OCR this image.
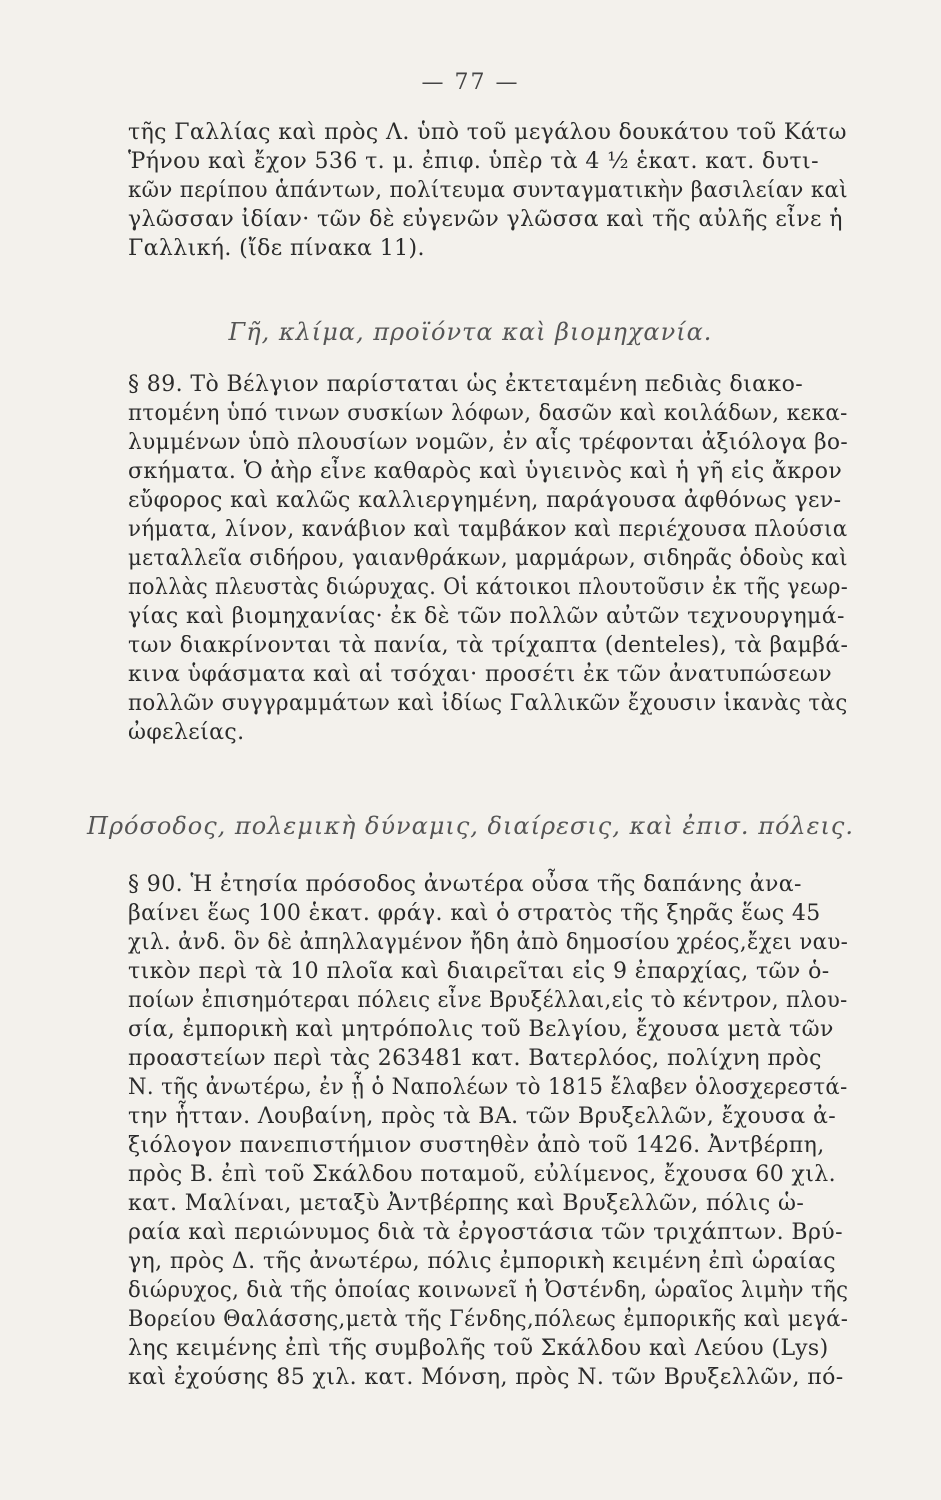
— 77 —
τῆς Γαλλίας καὶ πρὸς Λ. ὑπὸ τοῦ μεγάλου δουκάτου τοῦ Κάτω
Ῥήνου καὶ ἔχον 536 τ. μ. ἐπιφ. ὑπὲρ τὰ 4 ½ ἑκατ. κατ. δυτι-
κῶν περίπου ἁπάντων, πολίτευμα συνταγματικὴν βασιλείαν καὶ
γλῶσσαν ἰδίαν· τῶν δὲ εὐγενῶν γλῶσσα καὶ τῆς αὐλῆς εἶνε ἡ
Γαλλική. (ἴδε πίνακα 11).
Γῆ, κλίμα, προϊόντα καὶ βιομηχανία.
§ 89. Τὸ Βέλγιον παρίσταται ὡς ἐκτεταμένη πεδιὰς διακο-
πτομένη ὑπό τινων συσκίων λόφων, δασῶν καὶ κοιλάδων, κεκα-
λυμμένων ὑπὸ πλουσίων νομῶν, ἐν αἷς τρέφονται ἀξιόλογα βο-
σκήματα. Ὁ ἀὴρ εἶνε καθαρὸς καὶ ὑγιεινὸς καὶ ἡ γῆ εἰς ἄκρον
εὔφορος καὶ καλῶς καλλιεργημένη, παράγουσα ἀφθόνως γεν-
νήματα, λίνον, κανάβιον καὶ ταμβάκον καὶ περιέχουσα πλούσια
μεταλλεῖα σιδήρου, γαιανθράκων, μαρμάρων, σιδηρᾶς ὁδοὺς καὶ
πολλὰς πλευστὰς διώρυχας. Οἱ κάτοικοι πλουτοῦσιν ἐκ τῆς γεωρ-
γίας καὶ βιομηχανίας· ἐκ δὲ τῶν πολλῶν αὐτῶν τεχνουργημά-
των διακρίνονται τὰ πανία, τὰ τρίχαπτα (denteles), τὰ βαμβά-
κινα ὑφάσματα καὶ αἱ τσόχαι· προσέτι ἐκ τῶν ἀνατυπώσεων
πολλῶν συγγραμμάτων καὶ ἰδίως Γαλλικῶν ἔχουσιν ἱκανὰς τὰς
ὠφελείας.
Πρόσοδος, πολεμικὴ δύναμις, διαίρεσις, καὶ ἐπισ. πόλεις.
§ 90. Ἡ ἐτησία πρόσοδος ἀνωτέρα οὖσα τῆς δαπάνης ἀνα-
βαίνει ἕως 100 ἑκατ. φράγ. καὶ ὁ στρατὸς τῆς ξηρᾶς ἕως 45
χιλ. ἀνδ. ὃν δὲ ἀπηλλαγμένον ἤδη ἀπὸ δημοσίου χρέος,ἔχει ναυ-
τικὸν περὶ τὰ 10 πλοῖα καὶ διαιρεῖται εἰς 9 ἐπαρχίας, τῶν ὁ-
ποίων ἐπισημότεραι πόλεις εἶνε Βρυξέλλαι,εἰς τὸ κέντρον, πλου-
σία, ἐμπορικὴ καὶ μητρόπολις τοῦ Βελγίου, ἔχουσα μετὰ τῶν
προαστείων περὶ τὰς 263481 κατ. Βατερλόος, πολίχνη πρὸς
Ν. τῆς ἀνωτέρω, ἐν ᾗ ὁ Ναπολέων τὸ 1815 ἔλαβεν ὁλοσχερεστά-
την ἧτταν. Λουβαίνη, πρὸς τὰ ΒΑ. τῶν Βρυξελλῶν, ἔχουσα ἀ-
ξιόλογον πανεπιστήμιον συστηθὲν ἀπὸ τοῦ 1426. Ἀντβέρπη,
πρὸς Β. ἐπὶ τοῦ Σκάλδου ποταμοῦ, εὐλίμενος, ἔχουσα 60 χιλ.
κατ. Μαλίναι, μεταξὺ Ἀντβέρπης καὶ Βρυξελλῶν, πόλις ὡ-
ραία καὶ περιώνυμος διὰ τὰ ἐργοστάσια τῶν τριχάπτων. Βρύ-
γη, πρὸς Δ. τῆς ἀνωτέρω, πόλις ἐμπορικὴ κειμένη ἐπὶ ὡραίας
διώρυχος, διὰ τῆς ὁποίας κοινωνεῖ ἡ Ὀστένδη, ὡραῖος λιμὴν τῆς
Βορείου Θαλάσσης,μετὰ τῆς Γένδης,πόλεως ἐμπορικῆς καὶ μεγά-
λης κειμένης ἐπὶ τῆς συμβολῆς τοῦ Σκάλδου καὶ Λεύου (Lys)
καὶ ἐχούσης 85 χιλ. κατ. Μόνση, πρὸς Ν. τῶν Βρυξελλῶν, πό-
